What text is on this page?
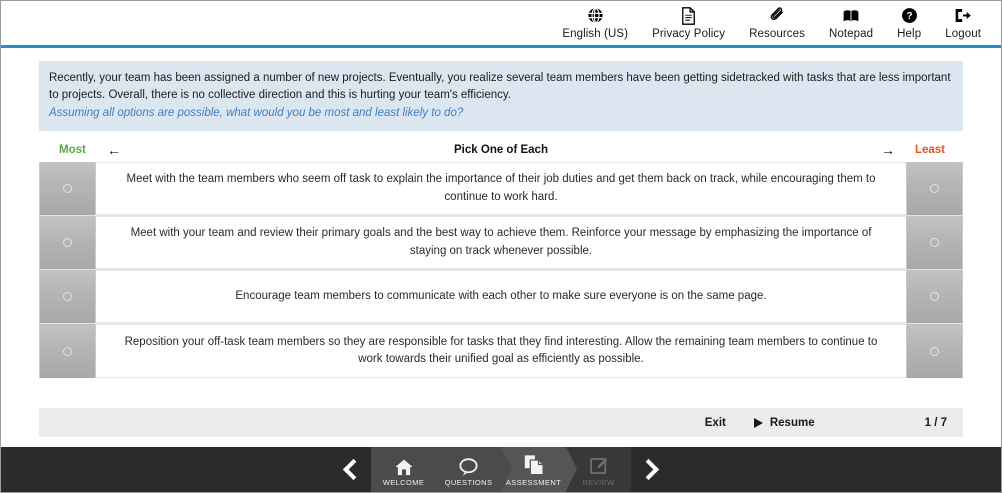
English (US) Privacy Policy Resources Notepad
?
Help Logout
Recently, your team has been assigned a number of new projects. Eventually, you realize several team members have been getting sidetracked with tasks that are less important to projects. Overall, there is no collective direction and this is hurting your team's efficiency.
Assuming all options are possible, what would you be most and least likely to do?
Most ←	Pick One of Each	→ Least
Meet with the team members who seem off task to explain the importance of their job duties and get them back on track, while encouraging them to continue to work hard.
Meet with your team and review their primary goals and the best way to achieve them. Reinforce your message by emphasizing the importance of staying on track whenever possible.
Encourage team members to communicate with each other to make sure everyone is on the same page.
Reposition your off-task team members so they are responsible for tasks that they find interesting. Allow the remaining team members to continue to work towards their unified goal as efficiently as possible.
Exit	Resume	1 / 7
WELCOME	QUESTIONS ASSESSMENT	REVIEW
